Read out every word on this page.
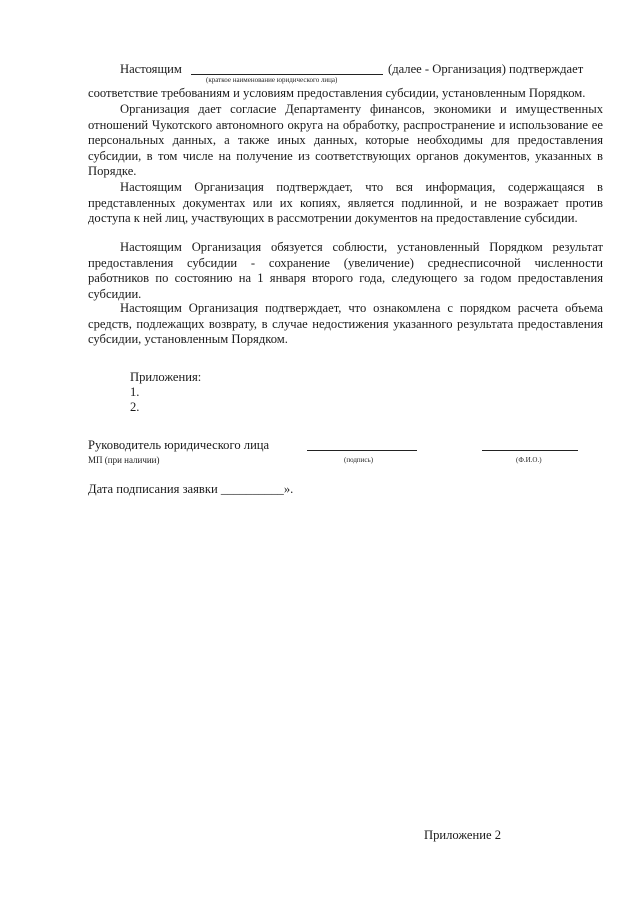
Настоящим	(далее - Организация) подтверждает
(краткое наименование юридического лица)
соответствие требованиям и условиям предоставления субсидии, установленным Порядком.
Организация дает согласие Департаменту финансов, экономики и имущественных отношений Чукотского автономного округа на обработку, распространение и использование ее персональных данных, а также иных данных, которые необходимы для предоставления субсидии, в том числе на получение из соответствующих органов документов, указанных в Порядке.
Настоящим Организация подтверждает, что вся информация, содержащаяся в представленных документах или их копиях, является подлинной, и не возражает против доступа к ней лиц, участвующих в рассмотрении документов на предоставление субсидии.
Настоящим Организация обязуется соблюсти, установленный Порядком результат предоставления субсидии - сохранение (увеличение) среднесписочной численности работников по состоянию на 1 января второго года, следующего за годом предоставления субсидии.
Настоящим Организация подтверждает, что ознакомлена с порядком расчета объема средств, подлежащих возврату, в случае недостижения указанного результата предоставления субсидии, установленным Порядком.
Приложения:
1.
2.
Руководитель юридического лица
МП (при наличии)	(подпись)	(Ф.И.О.)
Дата подписания заявки __________».
Приложение 2
